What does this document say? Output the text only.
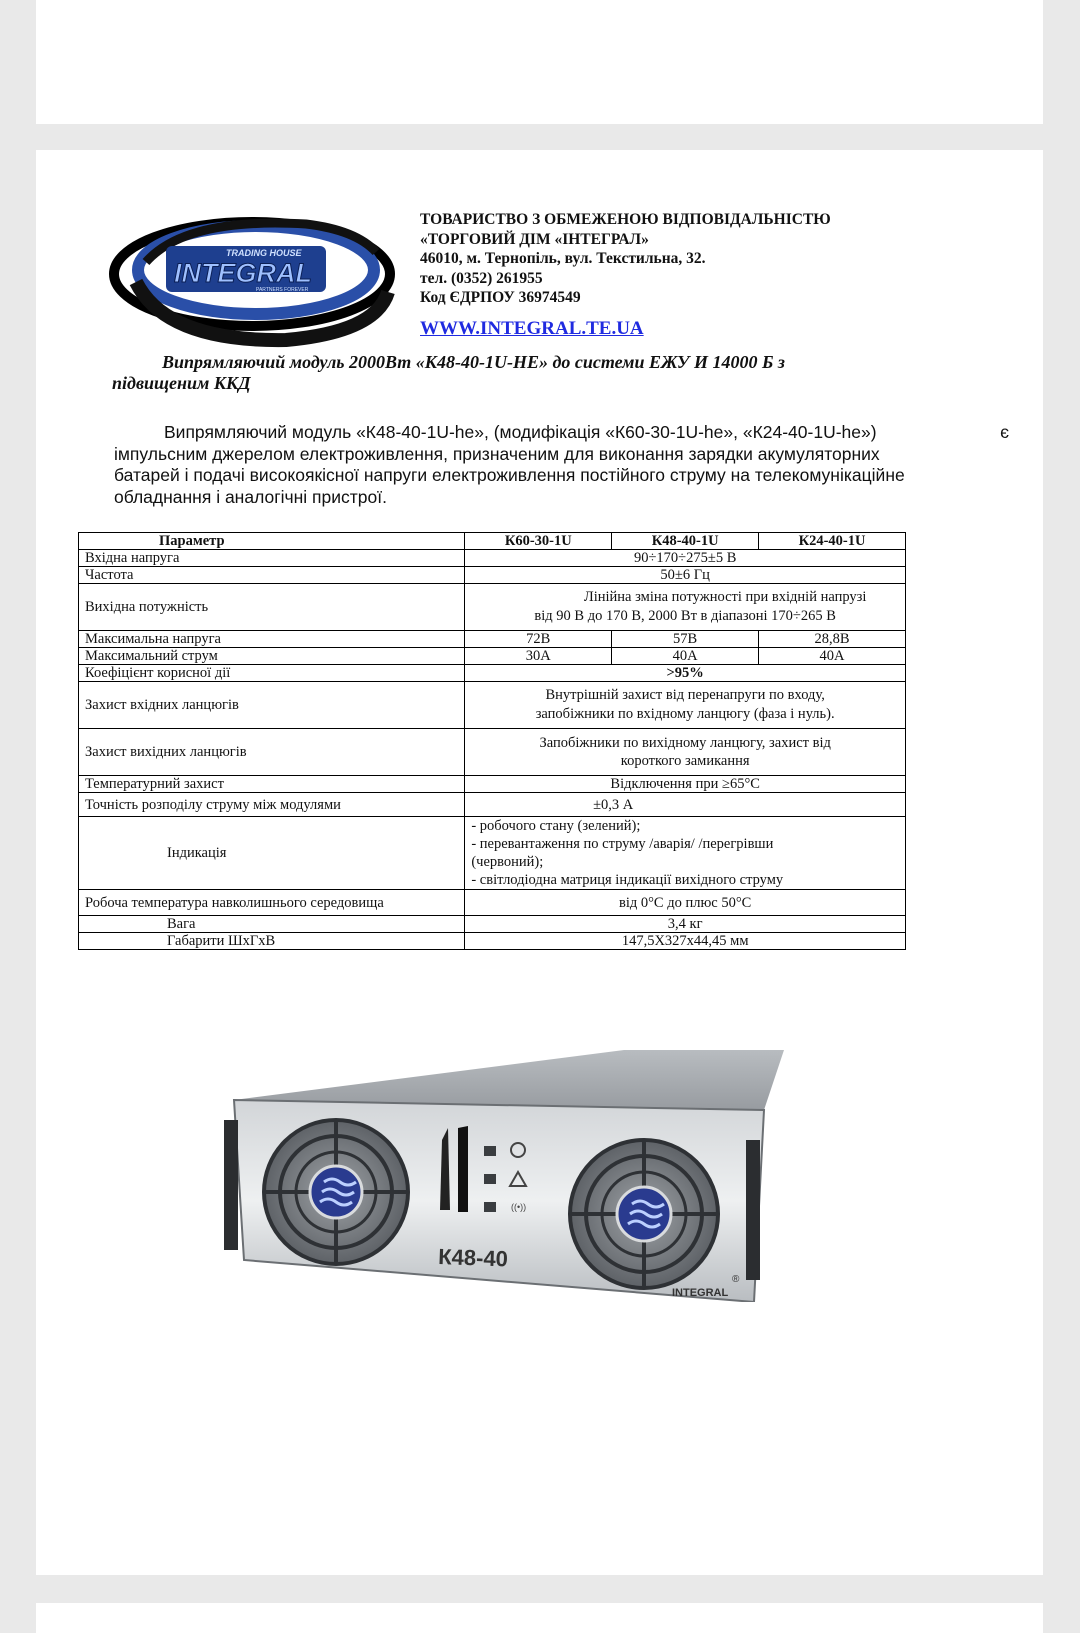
TRADING HOUSE
INTEGRAL
PARTNERS FOREVER
ТОВАРИСТВО З ОБМЕЖЕНОЮ ВІДПОВІДАЛЬНІСТЮ
«ТОРГОВИЙ ДІМ «ІНТЕГРАЛ»
46010, м. Тернопіль, вул. Текстильна, 32.
тел. (0352) 261955
Код ЄДРПОУ 36974549
WWW.INTEGRAL.TE.UA
Випрямляючий модуль 2000Вт «К48-40-1U-HE» до системи ЕЖУ И 14000 Б з
підвищеним ККД
Випрямляючий модуль «К48-40-1U-he», (модифікація «К60-30-1U-he», «К24-40-1U-he»)	є
імпульсним джерелом електроживлення, призначеним для виконання зарядки акумуляторних
батарей і подачі високоякісної напруги електроживлення постійного струму на телекомунікаційне
обладнання і аналогічні пристрої.
Параметр	К60-30-1U	К48-40-1U	К24-40-1U
Вхідна напруга	90÷170÷275±5 В		
Частота	50±6 Гц		
Вихідна потужність	Лінійна зміна потужності при вхідній напрузі
від 90 В до 170 В, 2000 Вт в діапазоні 170÷265 В		

Максимальна напруга	72В	57В	28,8В
Максимальний струм	30А	40А	40А
Коефіцієнт корисної дії	>95%		
Захист вхідних ланцюгів	Внутрішній захист від перенапруги по входу,
запобіжники по вхідному ланцюгу (фаза і нуль).		

Захист вихідних ланцюгів	Запобіжники по вихідному ланцюгу, захист від
короткого замикання		

Температурний захист	Відключення при ≥65°С		
Точність розподілу струму між модулями	±0,3 А		
Індикація	- робочого стану (зелений);
- перевантаження по струму /аварія/ /перегрівши
(червоний);
- світлодіодна матриця індикації вихідного струму		

Робоча температура навколишнього середовища	від 0°С до плюс 50°С		
Вага	3,4 кг		
Габарити ШхГхВ	147,5Х327х44,45 мм		
((•))
К48-40
INTEGRAL
®
